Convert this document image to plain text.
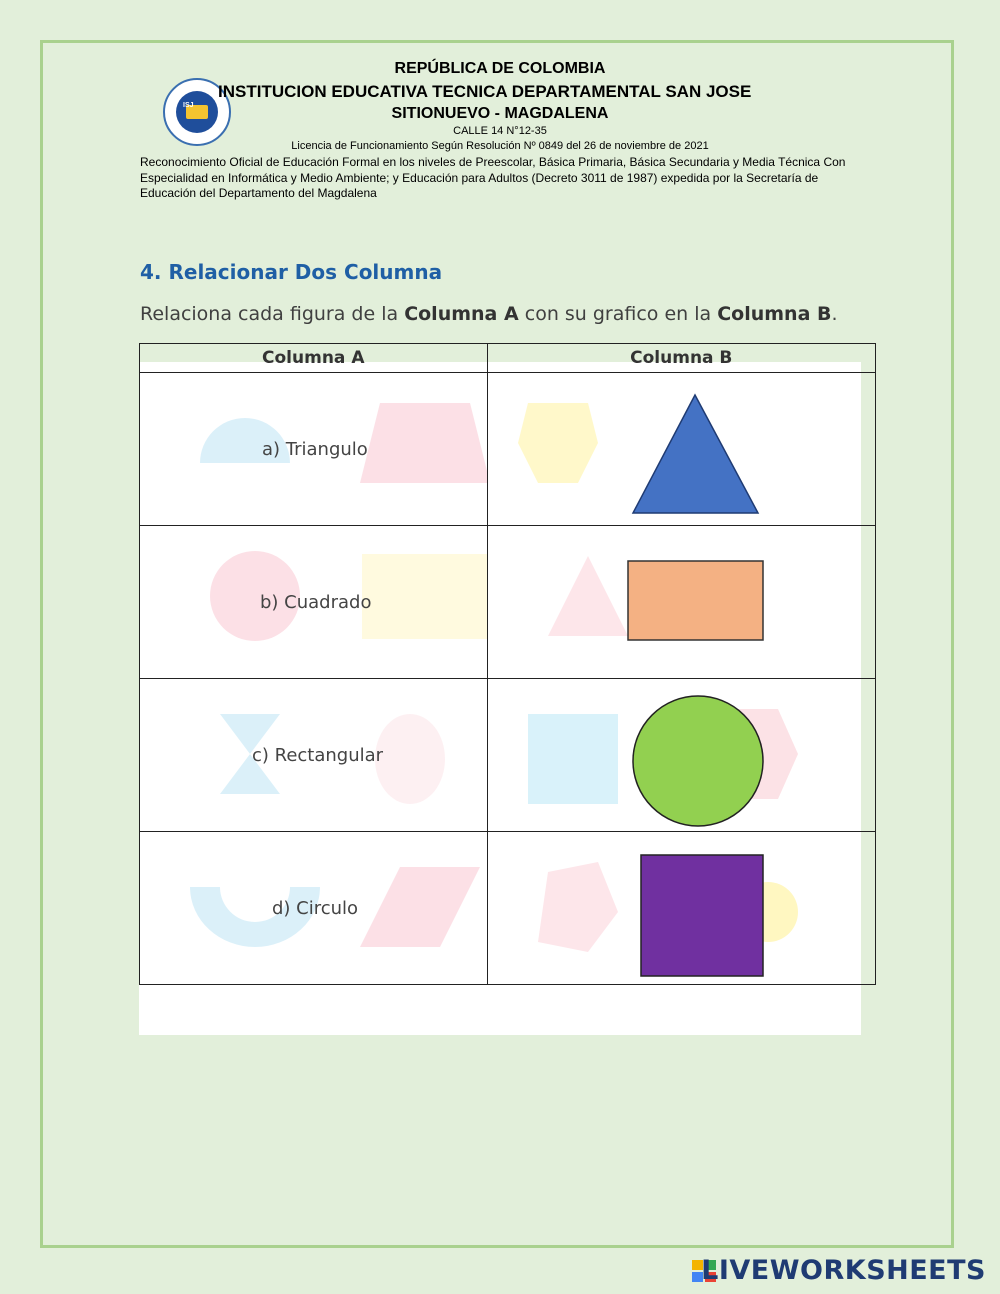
ISJ
REPÚBLICA DE COLOMBIA
INSTITUCION EDUCATIVA TECNICA DEPARTAMENTAL SAN JOSE
SITIONUEVO - MAGDALENA
CALLE 14 N°12-35
Licencia de Funcionamiento Según Resolución Nº 0849 del 26 de noviembre de 2021
Reconocimiento Oficial de Educación Formal en los niveles de Preescolar, Básica Primaria, Básica Secundaria y Media Técnica Con Especialidad en Informática y Medio Ambiente; y Educación para Adultos (Decreto 3011 de 1987) expedida por la Secretaría de Educación del Departamento del Magdalena
4. Relacionar Dos Columna
Relaciona cada figura de la Columna A con su grafico en la Columna B.
Columna A	Columna B

a) Triangulo

b) Cuadrado

c) Rectangular

d) Circulo

LIVEWORKSHEETS
